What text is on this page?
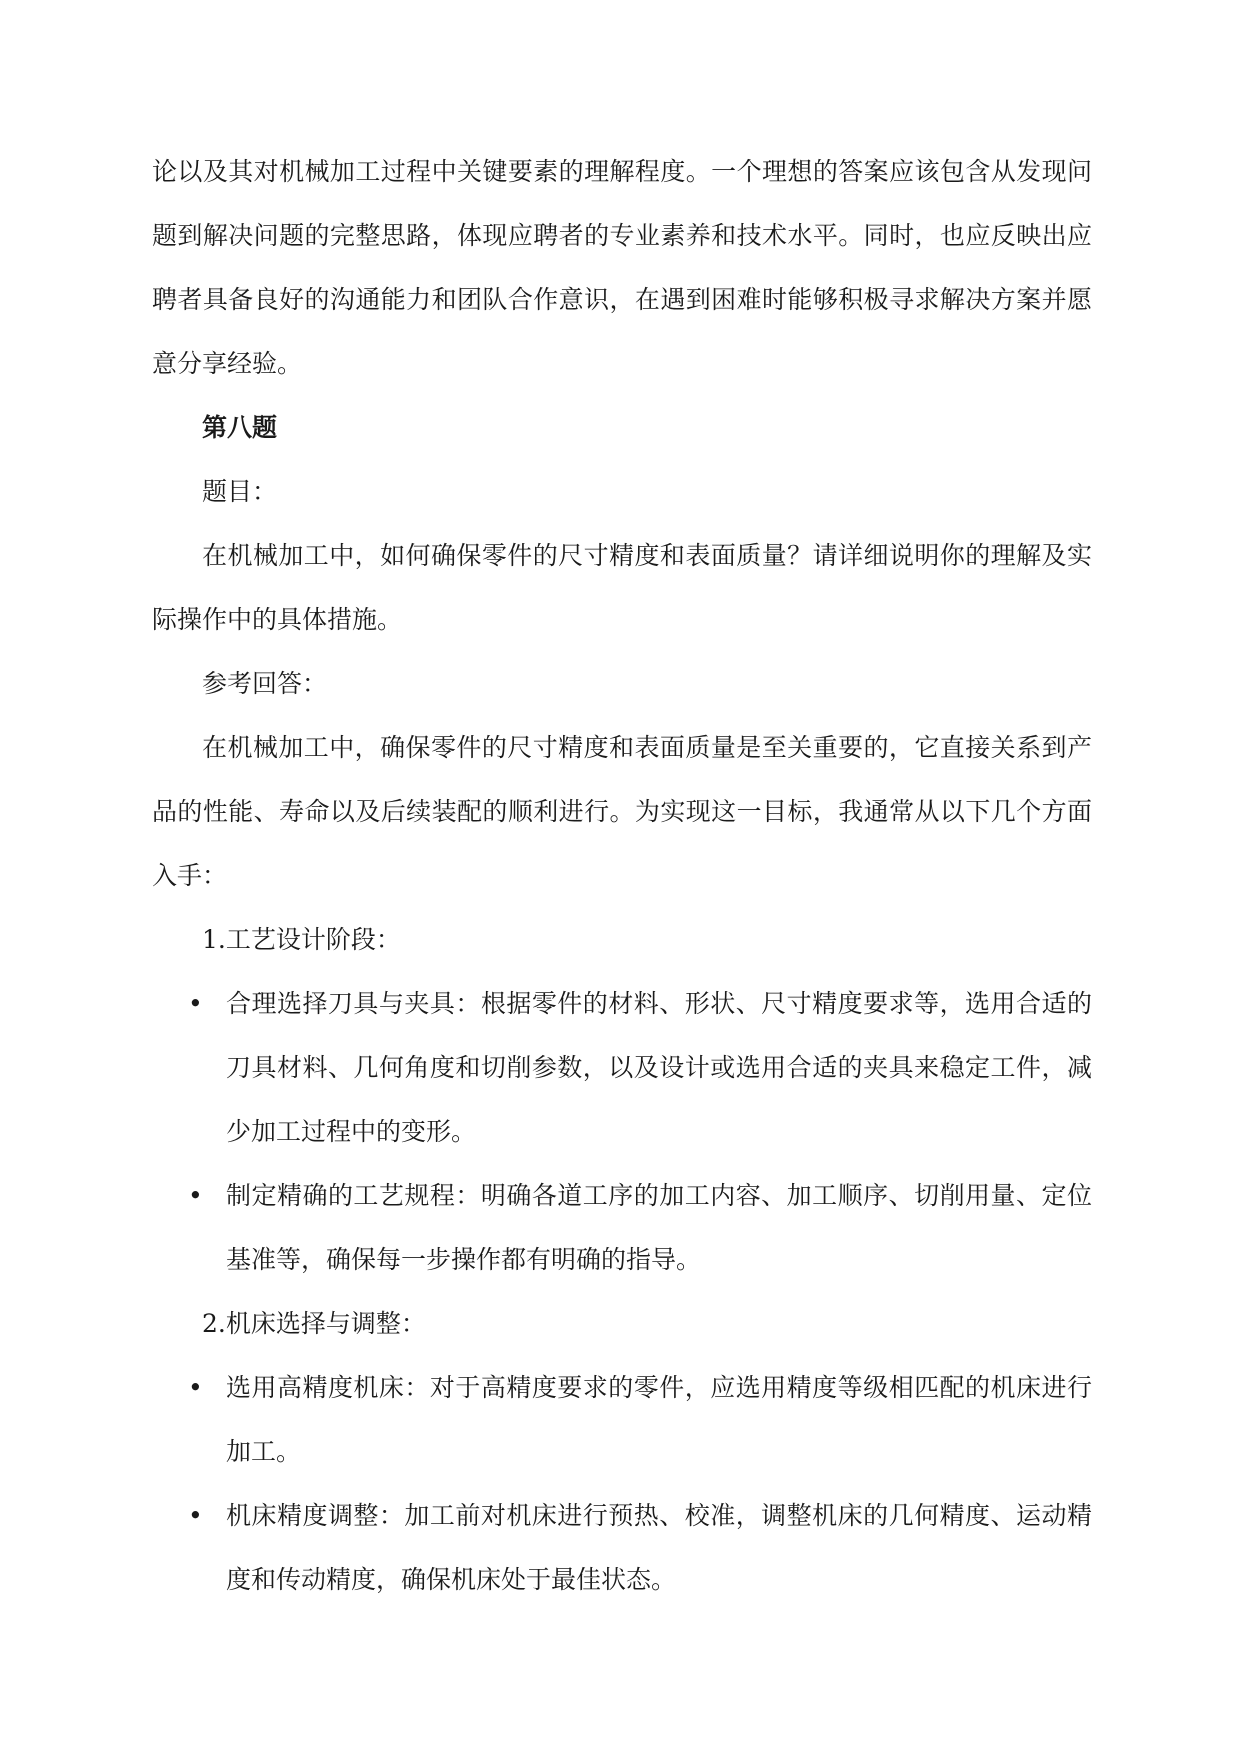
论以及其对机械加工过程中关键要素的理解程度。一个理想的答案应该包含从发现问题到解决问题的完整思路，体现应聘者的专业素养和技术水平。同时，也应反映出应聘者具备良好的沟通能力和团队合作意识，在遇到困难时能够积极寻求解决方案并愿意分享经验。

第八题

题目：

在机械加工中，如何确保零件的尺寸精度和表面质量？请详细说明你的理解及实际操作中的具体措施。

参考回答：

在机械加工中，确保零件的尺寸精度和表面质量是至关重要的，它直接关系到产品的性能、寿命以及后续装配的顺利进行。为实现这一目标，我通常从以下几个方面入手：

1.工艺设计阶段：

• 合理选择刀具与夹具：根据零件的材料、形状、尺寸精度要求等，选用合适的刀具材料、几何角度和切削参数，以及设计或选用合适的夹具来稳定工件，减少加工过程中的变形。
• 制定精确的工艺规程：明确各道工序的加工内容、加工顺序、切削用量、定位基准等，确保每一步操作都有明确的指导。

2.机床选择与调整：

• 选用高精度机床：对于高精度要求的零件，应选用精度等级相匹配的机床进行加工。
• 机床精度调整：加工前对机床进行预热、校准，调整机床的几何精度、运动精度和传动精度，确保机床处于最佳状态。
